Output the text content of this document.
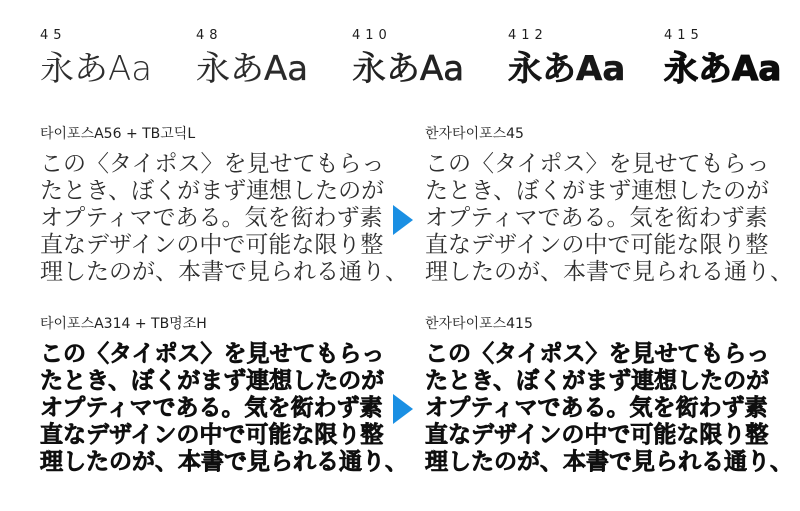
45
永あAa
48
永あAa
410
永あAa
412
永あAa
415
永あAa
타이포스A56 + TB고딕L
この〈タイポス〉を見せてもらっ
たとき、ぼくがまず連想したのが
オプティマである。気を衒わず素
直なデザインの中で可能な限り整
理したのが、本書で見られる通り、
한자타이포스45
この〈タイポス〉を見せてもらっ
たとき、ぼくがまず連想したのが
オプティマである。気を衒わず素
直なデザインの中で可能な限り整
理したのが、本書で見られる通り、
타이포스A314 + TB명조H
この〈タイポス〉を見せてもらっ
たとき、ぼくがまず連想したのが
オプティマである。気を衒わず素
直なデザインの中で可能な限り整
理したのが、本書で見られる通り、
한자타이포스415
この〈タイポス〉を見せてもらっ
たとき、ぼくがまず連想したのが
オプティマである。気を衒わず素
直なデザインの中で可能な限り整
理したのが、本書で見られる通り、
